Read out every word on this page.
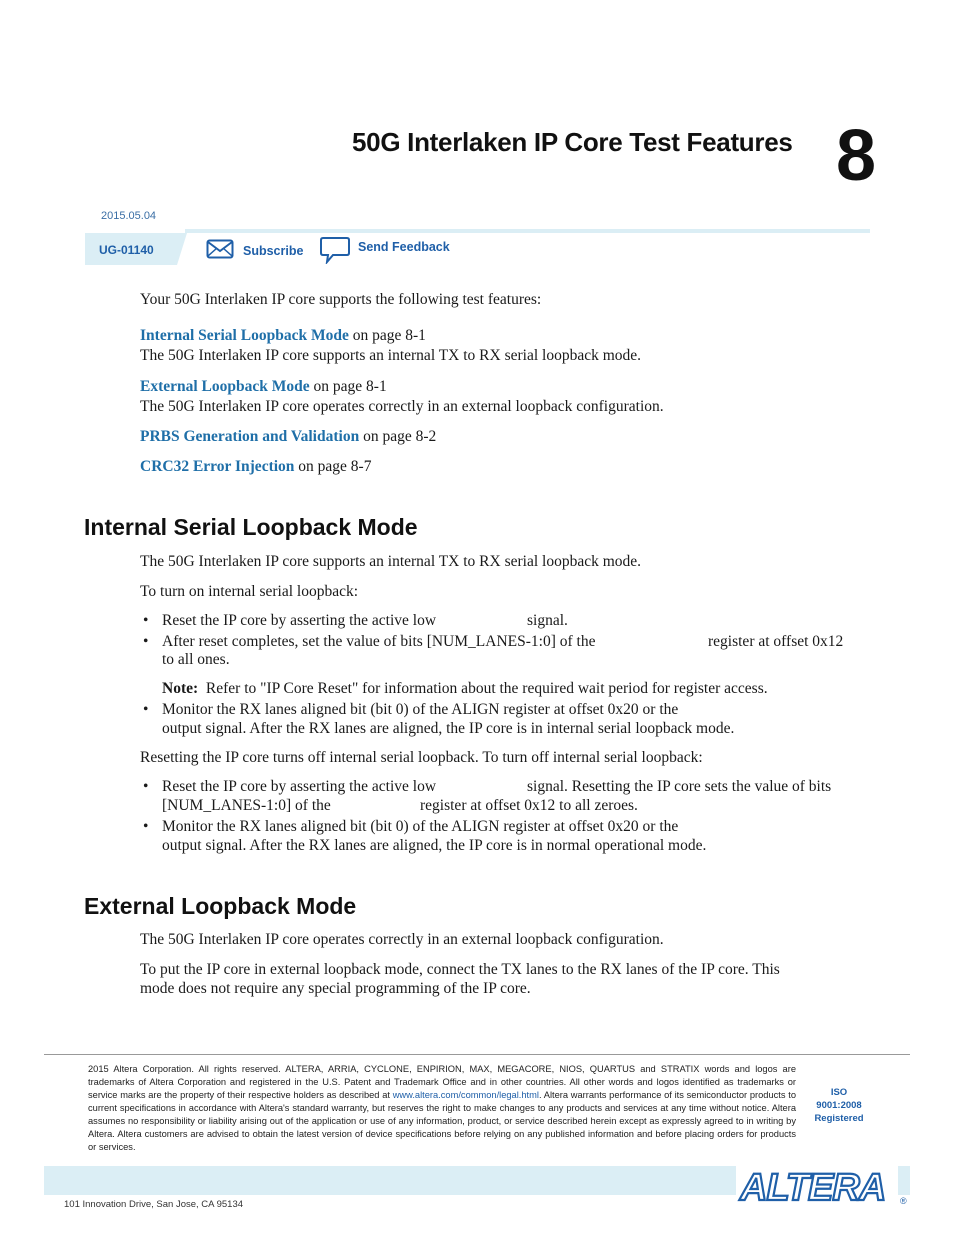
50G Interlaken IP Core Test Features 8
2015.05.04
UG-01140	Subscribe	Send Feedback
Your 50G Interlaken IP core supports the following test features:
Internal Serial Loopback Mode on page 8-1
The 50G Interlaken IP core supports an internal TX to RX serial loopback mode.
External Loopback Mode on page 8-1
The 50G Interlaken IP core operates correctly in an external loopback configuration.
PRBS Generation and Validation on page 8-2
CRC32 Error Injection on page 8-7
Internal Serial Loopback Mode
The 50G Interlaken IP core supports an internal TX to RX serial loopback mode.
To turn on internal serial loopback:
• Reset the IP core by asserting the active low	signal.
• After reset completes, set the value of bits [NUM_LANES-1:0] of the	register at offset 0x12
to all ones.
Note: Refer to "IP Core Reset" for information about the required wait period for register access.
• Monitor the RX lanes aligned bit (bit 0) of the ALIGN register at offset 0x20 or the
output signal. After the RX lanes are aligned, the IP core is in internal serial loopback mode.
Resetting the IP core turns off internal serial loopback. To turn off internal serial loopback:
• Reset the IP core by asserting the active low	signal. Resetting the IP core sets the value of bits
[NUM_LANES-1:0] of the	register at offset 0x12 to all zeroes.
• Monitor the RX lanes aligned bit (bit 0) of the ALIGN register at offset 0x20 or the
output signal. After the RX lanes are aligned, the IP core is in normal operational mode.
External Loopback Mode
The 50G Interlaken IP core operates correctly in an external loopback configuration.
To put the IP core in external loopback mode, connect the TX lanes to the RX lanes of the IP core. This
mode does not require any special programming of the IP core.
2015 Altera Corporation. All rights reserved. ALTERA, ARRIA, CYCLONE, ENPIRION, MAX, MEGACORE, NIOS, QUARTUS and STRATIX words and logos are trademarks of Altera Corporation and registered in the U.S. Patent and Trademark Office and in other countries. All other words and logos identified as trademarks or service marks are the property of their respective holders as described at www.altera.com/common/legal.html. Altera warrants performance of its semiconductor products to current specifications in accordance with Altera's standard warranty, but reserves the right to make changes to any products and services at any time without notice. Altera assumes no responsibility or liability arising out of the application or use of any information, product, or service described herein except as expressly agreed to in writing by Altera. Altera customers are advised to obtain the latest version of device specifications before relying on any published information and before placing orders for products or services.
ISO
9001:2008
Registered
101 Innovation Drive, San Jose, CA 95134	ALTERA ®
